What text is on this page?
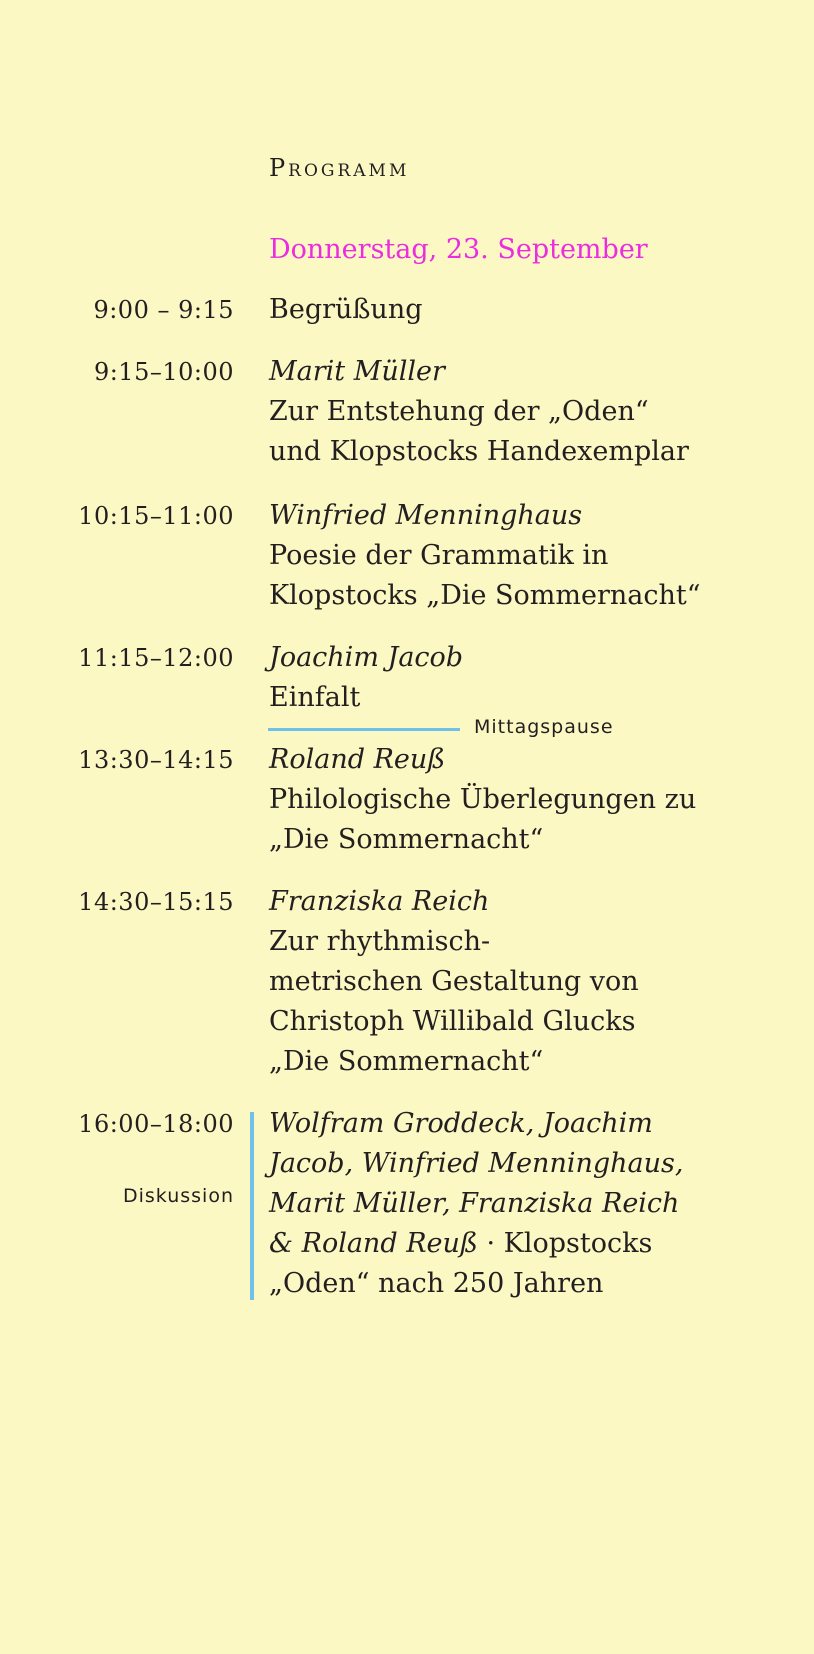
Programm
Donnerstag, 23. September
9:00 – 9:15 Begrüßung
9:15–10:00 Marit Müller
Zur Entstehung der „Oden“ und Klopstocks Handexemplar
10:15–11:00 Winfried Menninghaus
Poesie der Grammatik in Klopstocks „Die Sommernacht“
11:15–12:00 Joachim Jacob
Einfalt
Mittagspause
13:30–14:15 Roland Reuß
Philologische Überlegungen zu „Die Sommernacht“
14:30–15:15 Franziska Reich
Zur rhythmisch-metrischen Gestaltung von Christoph Willibald Glucks „Die Sommernacht“
16:00–18:00 Wolfram Groddeck, Joachim Jacob, Winfried Menninghaus, Marit Müller, Franziska Reich & Roland Reuß · Klopstocks „Oden“ nach 250 Jahren
Diskussion
